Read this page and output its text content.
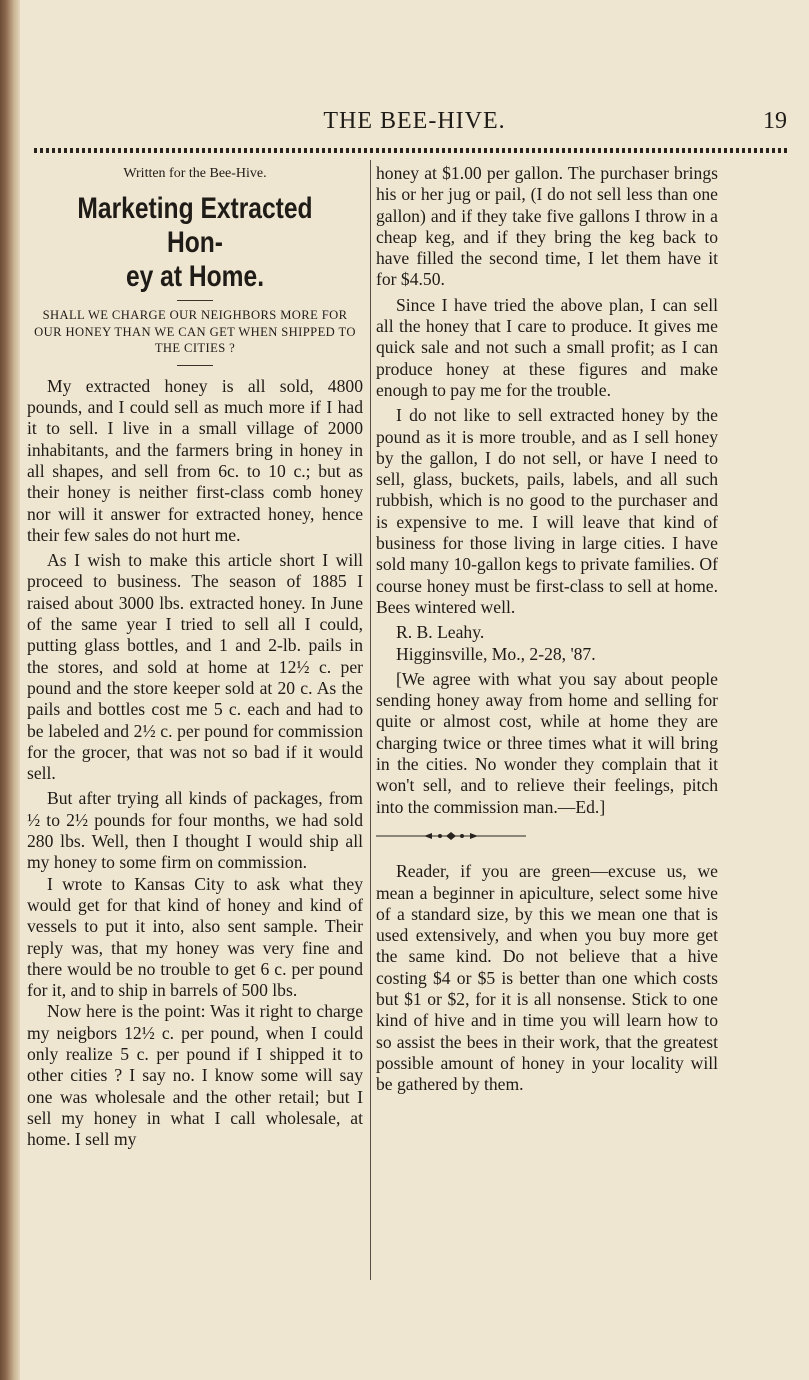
THE BEE-HIVE.	19
Written for the Bee-Hive.
Marketing Extracted Hon-
ey at Home.
SHALL WE CHARGE OUR NEIGHBORS MORE FOR OUR HONEY THAN WE CAN GET WHEN SHIPPED TO THE CITIES ?

My extracted honey is all sold, 4800 pounds, and I could sell as much more if I had it to sell. I live in a small village of 2000 inhabitants, and the farmers bring in honey in all shapes, and sell from 6c. to 10 c.; but as their honey is neither first-class comb honey nor will it answer for extracted honey, hence their few sales do not hurt me.

As I wish to make this article short I will proceed to business. The season of 1885 I raised about 3000 lbs. extracted honey. In June of the same year I tried to sell all I could, putting glass bottles, and 1 and 2-lb. pails in the stores, and sold at home at 12½ c. per pound and the store keeper sold at 20 c. As the pails and bottles cost me 5 c. each and had to be labeled and 2½ c. per pound for commission for the grocer, that was not so bad if it would sell.

But after trying all kinds of packages, from ½ to 2½ pounds for four months, we had sold 280 lbs. Well, then I thought I would ship all my honey to some firm on commission.

I wrote to Kansas City to ask what they would get for that kind of honey and kind of vessels to put it into, also sent sample. Their reply was, that my honey was very fine and there would be no trouble to get 6 c. per pound for it, and to ship in barrels of 500 lbs.

Now here is the point: Was it right to charge my neigbors 12½ c. per pound, when I could only realize 5 c. per pound if I shipped it to other cities ? I say no. I know some will say one was wholesale and the other retail; but I sell my honey in what I call wholesale, at home. I sell my

honey at $1.00 per gallon. The purchaser brings his or her jug or pail, (I do not sell less than one gallon) and if they take five gallons I throw in a cheap keg, and if they bring the keg back to have filled the second time, I let them have it for $4.50.

Since I have tried the above plan, I can sell all the honey that I care to produce. It gives me quick sale and not such a small profit; as I can produce honey at these figures and make enough to pay me for the trouble.

I do not like to sell extracted honey by the pound as it is more trouble, and as I sell honey by the gallon, I do not sell, or have I need to sell, glass, buckets, pails, labels, and all such rubbish, which is no good to the purchaser and is expensive to me. I will leave that kind of business for those living in large cities. I have sold many 10-gallon kegs to private families. Of course honey must be first-class to sell at home. Bees wintered well.

R. B. Leahy.

Higginsville, Mo., 2-28, '87.

[We agree with what you say about people sending honey away from home and selling for quite or almost cost, while at home they are charging twice or three times what it will bring in the cities. No wonder they complain that it won't sell, and to relieve their feelings, pitch into the commission man.—Ed.]

Reader, if you are green—excuse us, we mean a beginner in apiculture, select some hive of a standard size, by this we mean one that is used extensively, and when you buy more get the same kind. Do not believe that a hive costing $4 or $5 is better than one which costs but $1 or $2, for it is all nonsense. Stick to one kind of hive and in time you will learn how to so assist the bees in their work, that the greatest possible amount of honey in your locality will be gathered by them.
